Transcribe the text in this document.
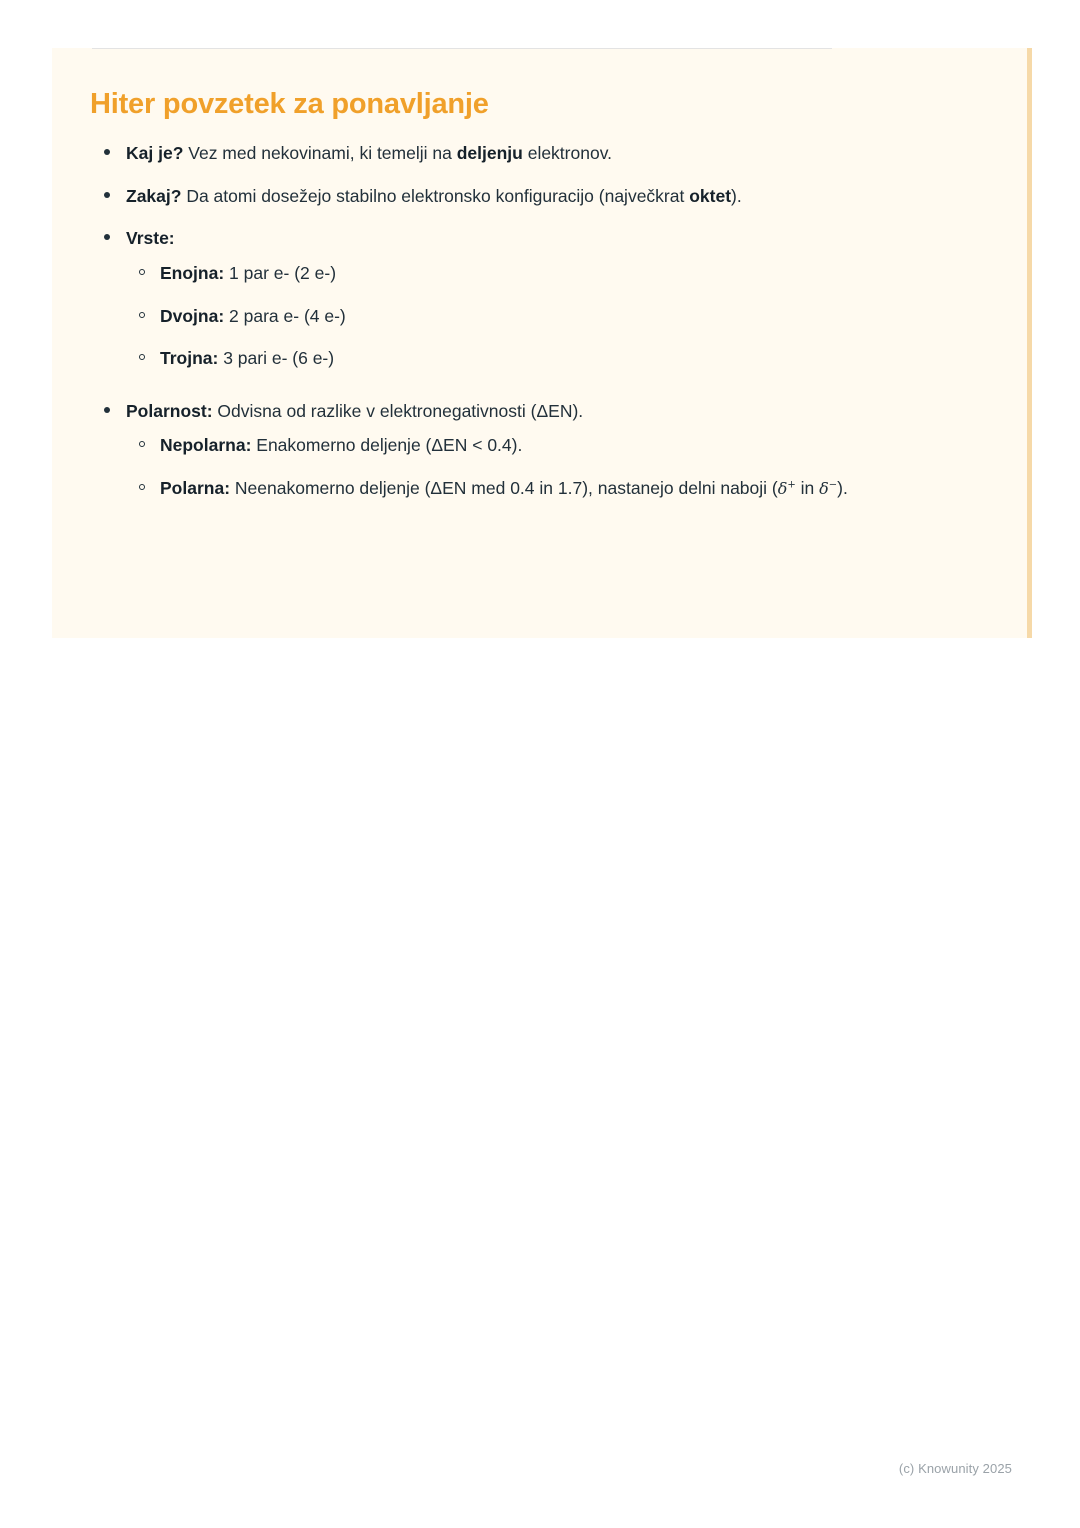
Hiter povzetek za ponavljanje
Kaj je? Vez med nekovinami, ki temelji na deljenju elektronov.
Zakaj? Da atomi dosežejo stabilno elektronsko konfiguracijo (največkrat oktet).
Vrste:
Enojna: 1 par e- (2 e-)
Dvojna: 2 para e- (4 e-)
Trojna: 3 pari e- (6 e-)
Polarnost: Odvisna od razlike v elektronegativnosti (ΔEN).
Nepolarna: Enakomerno deljenje (ΔEN < 0.4).
Polarna: Neenakomerno deljenje (ΔEN med 0.4 in 1.7), nastanejo delni naboji (δ+ in δ−).
(c) Knowunity 2025
